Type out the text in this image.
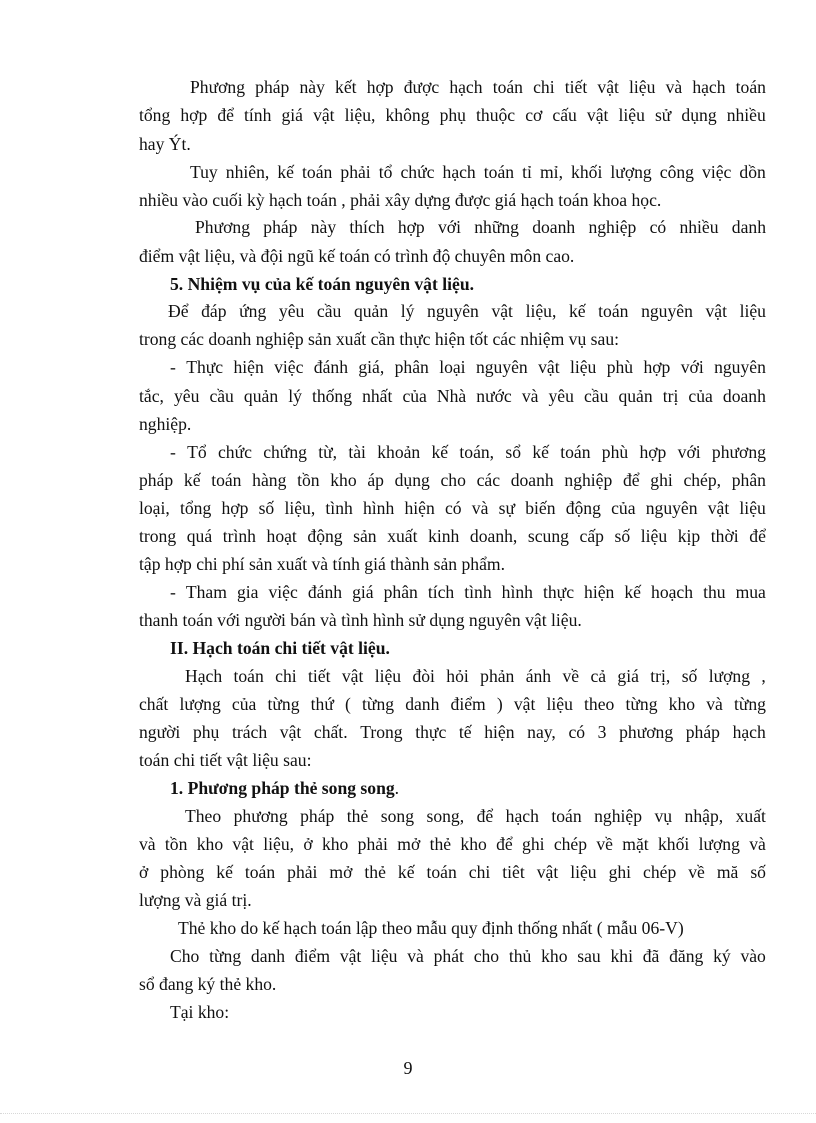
Phương pháp này kết hợp được hạch toán chi tiết vật liệu và hạch toán
tổng hợp để tính giá vật liệu, không phụ thuộc cơ cấu vật liệu sử dụng nhiều
hay Ýt.
Tuy nhiên, kế toán phải tổ chức hạch toán tỉ mỉ, khối lượng công việc dồn
nhiều vào cuối kỳ hạch toán , phải xây dựng được giá hạch toán khoa học.
Phương pháp này thích hợp với những doanh nghiệp có nhiều danh
điểm vật liệu, và đội ngũ kế toán có trình độ chuyên môn cao.
5. Nhiệm vụ của kế toán nguyên vật liệu.
Để đáp ứng yêu cầu quản lý nguyên vật liệu, kế toán nguyên vật liệu
trong các doanh nghiệp sản xuất cần thực hiện tốt các nhiệm vụ sau:
- Thực hiện việc đánh giá, phân loại nguyên vật liệu phù hợp với nguyên
tắc, yêu cầu quản lý thống nhất của Nhà nước và yêu cầu quản trị của doanh
nghiệp.
- Tổ chức chứng từ, tài khoản kế toán, sổ kế toán phù hợp với phương
pháp kế toán hàng tồn kho áp dụng cho các doanh nghiệp để ghi chép, phân
loại, tổng hợp số liệu, tình hình hiện có và sự biến động của nguyên vật liệu
trong quá trình hoạt động sản xuất kinh doanh, scung cấp số liệu kịp thời để
tập hợp chi phí sản xuất và tính giá thành sản phẩm.
- Tham gia việc đánh giá phân tích tình hình thực hiện kế hoạch thu mua
thanh toán với người bán và tình hình sử dụng nguyên vật liệu.
II. Hạch toán chi tiết vật liệu.
Hạch toán chi tiết vật liệu đòi hỏi phản ánh về cả giá trị, số lượng ,
chất lượng của từng thứ ( từng danh điểm ) vật liệu theo từng kho và từng
người phụ trách vật chất. Trong thực tế hiện nay, có 3 phương pháp hạch
toán chi tiết vật liệu sau:
1. Phương pháp thẻ song song.
Theo phương pháp thẻ song song, để hạch toán nghiệp vụ nhập, xuất
và tồn kho vật liệu, ở kho phải mở thẻ kho để ghi chép về mặt khối lượng và
ở phòng kế toán phải mở thẻ kế toán chi tiêt vật liệu ghi chép về mă số
lượng và giá trị.
Thẻ kho do kế hạch toán lập theo mẫu quy định thống nhất ( mẫu 06-V)
Cho từng danh điểm vật liệu và phát cho thủ kho sau khi đã đăng ký vào
sổ đang ký thẻ kho.
Tại kho:
9
